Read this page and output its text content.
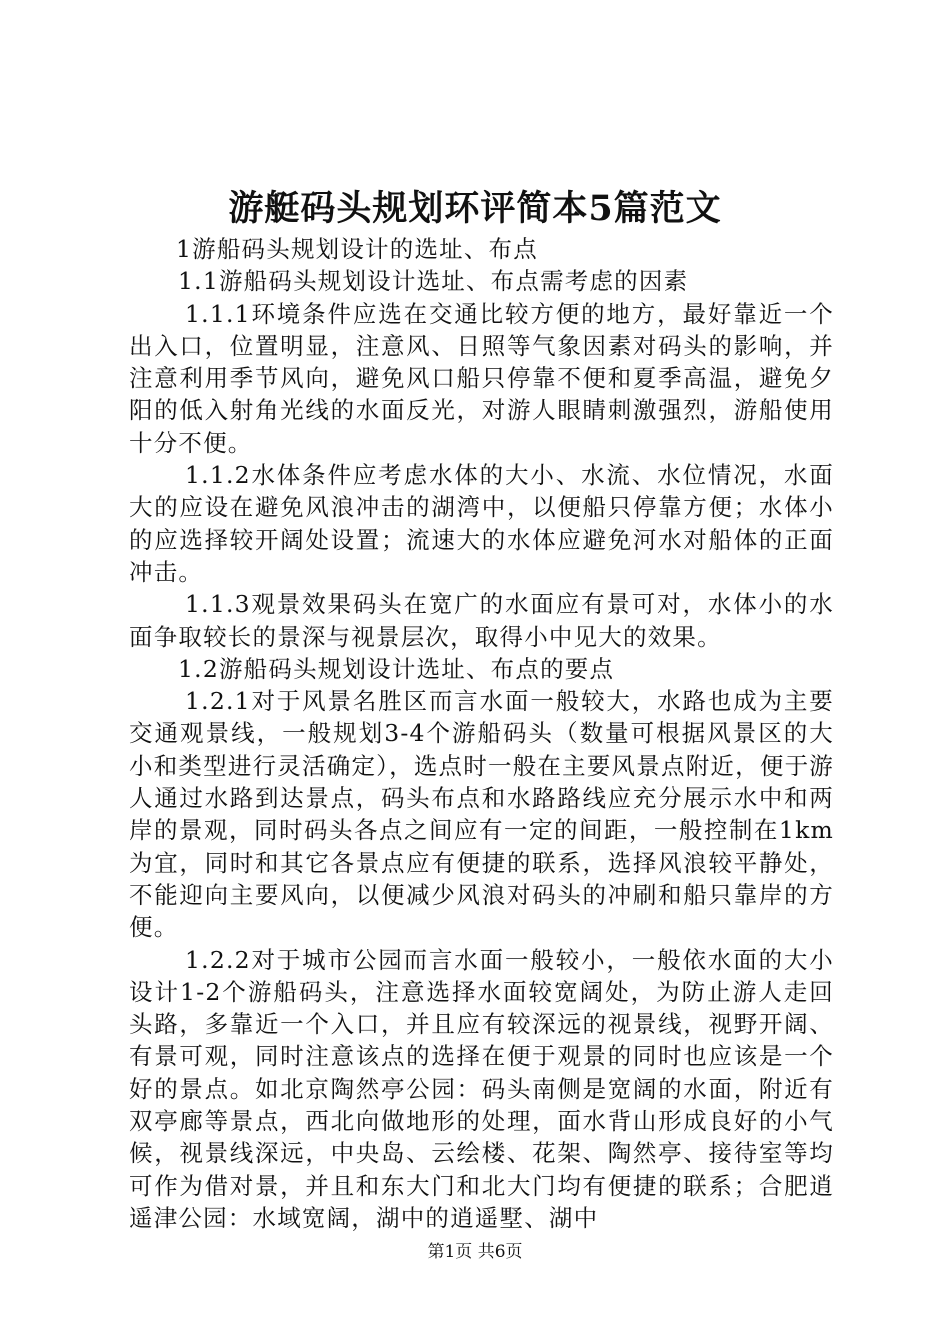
游艇码头规划环评简本5篇范文

1游船码头规划设计的选址、布点

1.1游船码头规划设计选址、布点需考虑的因素

1.1.1环境条件应选在交通比较方便的地方，最好靠近一个出入口，位置明显，注意风、日照等气象因素对码头的影响，并注意利用季节风向，避免风口船只停靠不便和夏季高温，避免夕阳的低入射角光线的水面反光，对游人眼睛刺激强烈，游船使用十分不便。

1.1.2水体条件应考虑水体的大小、水流、水位情况，水面大的应设在避免风浪冲击的湖湾中，以便船只停靠方便；水体小的应选择较开阔处设置；流速大的水体应避免河水对船体的正面冲击。

1.1.3观景效果码头在宽广的水面应有景可对，水体小的水面争取较长的景深与视景层次，取得小中见大的效果。

1.2游船码头规划设计选址、布点的要点

1.2.1对于风景名胜区而言水面一般较大，水路也成为主要交通观景线，一般规划3-4个游船码头（数量可根据风景区的大小和类型进行灵活确定），选点时一般在主要风景点附近，便于游人通过水路到达景点，码头布点和水路路线应充分展示水中和两岸的景观，同时码头各点之间应有一定的间距，一般控制在1km为宜，同时和其它各景点应有便捷的联系，选择风浪较平静处，不能迎向主要风向，以便减少风浪对码头的冲刷和船只靠岸的方便。

1.2.2对于城市公园而言水面一般较小，一般依水面的大小设计1-2个游船码头，注意选择水面较宽阔处，为防止游人走回头路，多靠近一个入口，并且应有较深远的视景线，视野开阔、有景可观，同时注意该点的选择在便于观景的同时也应该是一个好的景点。如北京陶然亭公园：码头南侧是宽阔的水面，附近有双亭廊等景点，西北向做地形的处理，面水背山形成良好的小气候，视景线深远，中央岛、云绘楼、花架、陶然亭、接待室等均可作为借对景，并且和东大门和北大门均有便捷的联系；合肥逍遥津公园：水域宽阔，湖中的逍遥墅、湖中

第1页 共6页
